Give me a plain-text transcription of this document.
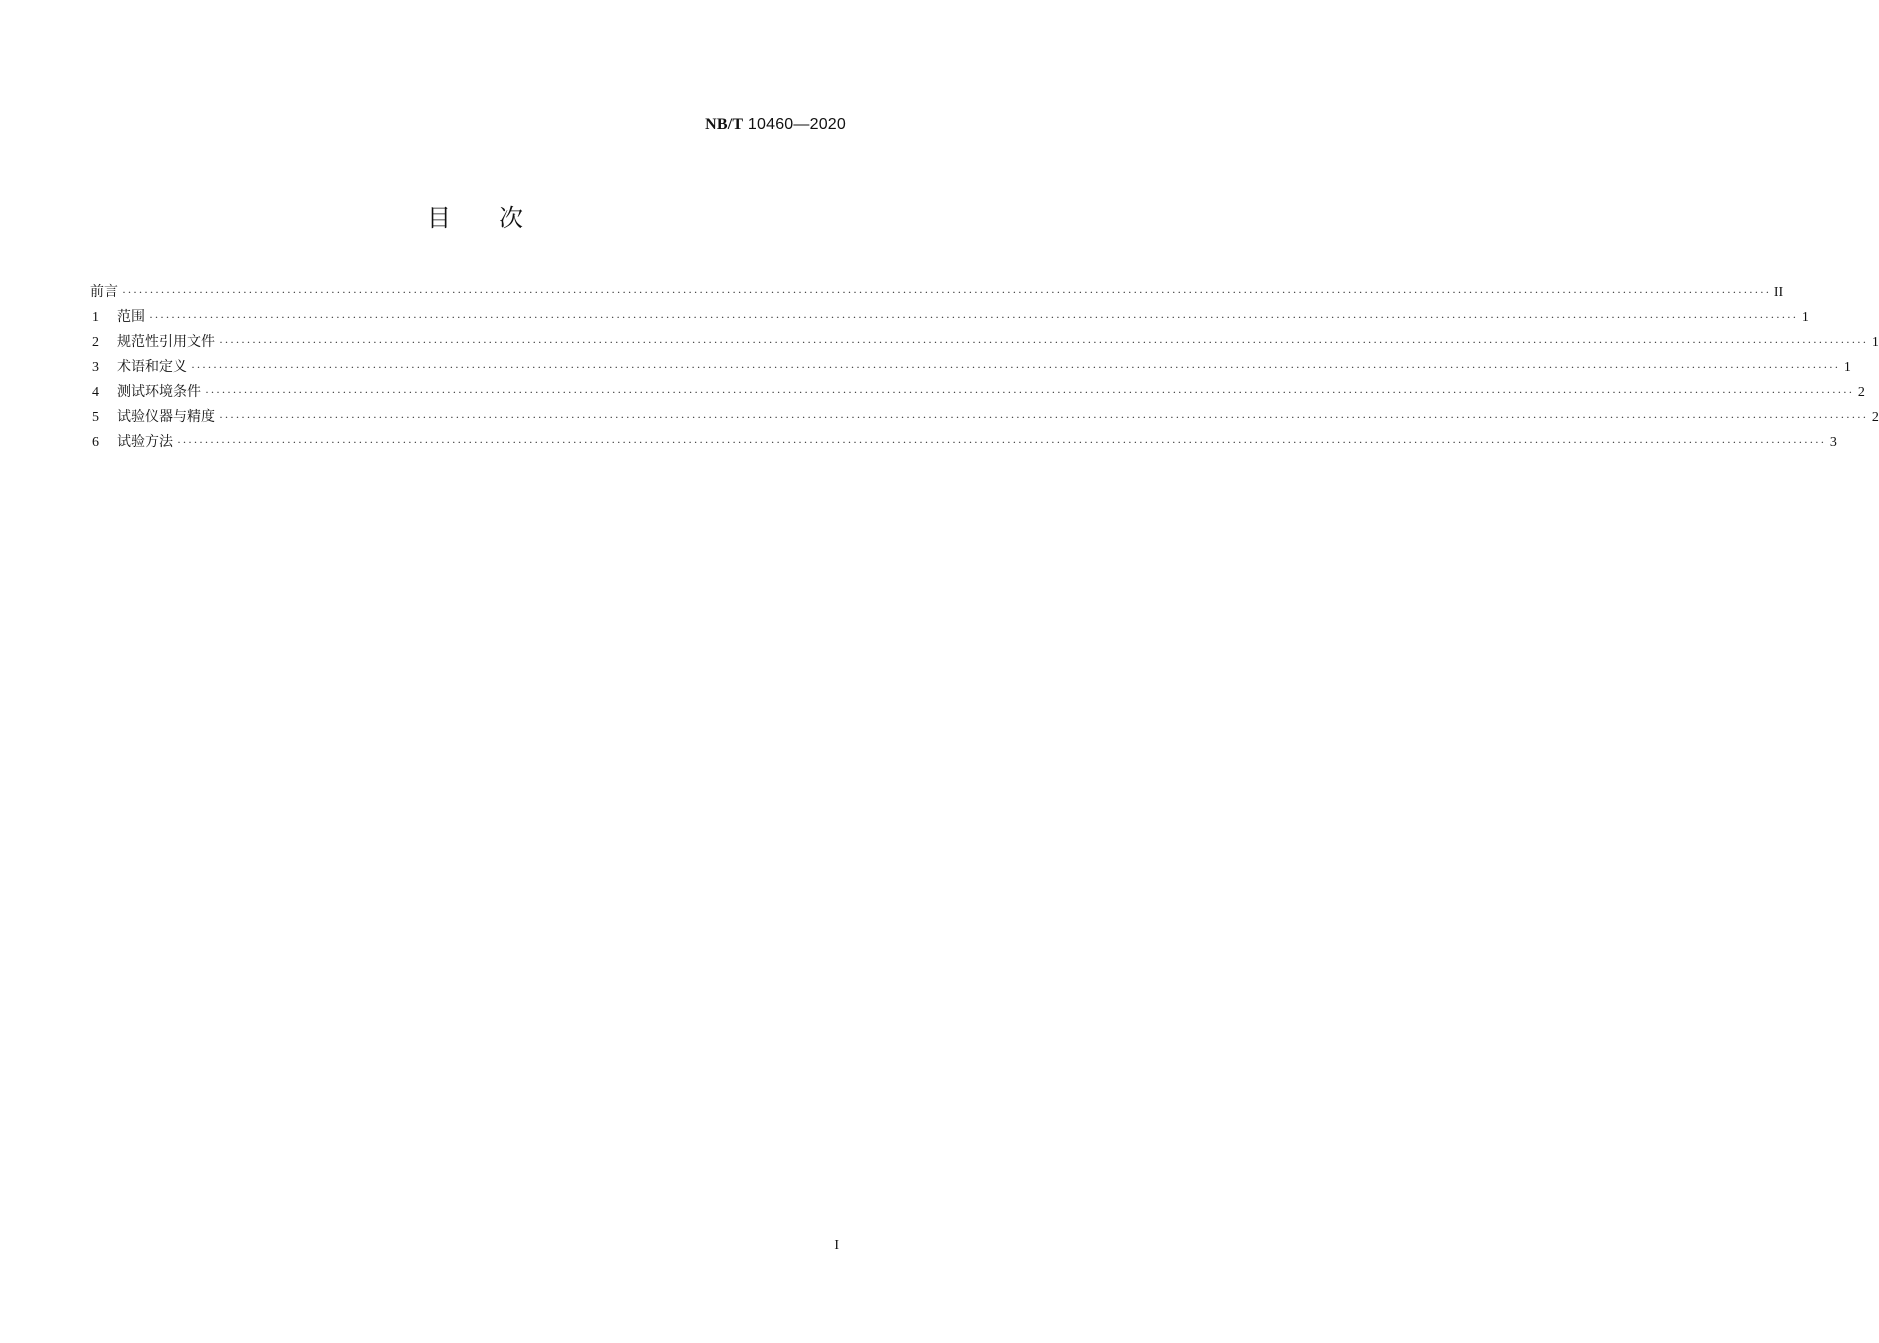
NB/T 10460—2020
目 次
前言 ············································································································································································································································································································ II
1	范围 ············································································································································································································································································································ 1
2	规范性引用文件 ············································································································································································································································································································ 1
3	术语和定义 ············································································································································································································································································································ 1
4	测试环境条件 ············································································································································································································································································································ 2
5	试验仪器与精度 ············································································································································································································································································································ 2
6	试验方法 ············································································································································································································································································································ 3
I
